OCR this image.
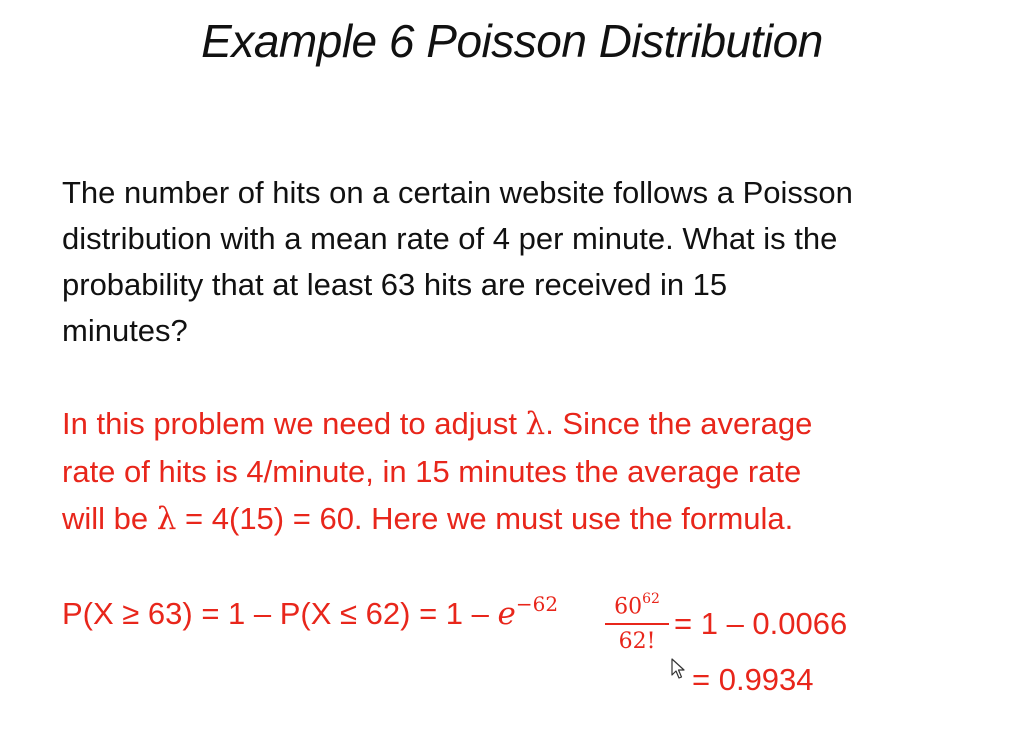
Example 6 Poisson Distribution

The number of hits on a certain website follows a Poisson

distribution with a mean rate of 4 per minute. What is the

probability that at least 63 hits are received in 15

minutes?

In this problem we need to adjust λ. Since the average

rate of hits is 4/minute, in 15 minutes the average rate

will be λ = 4(15) = 60. Here we must use the formula.

$P(X \ge 63) = 1 - P(X \le 62) = 1 - e^{-62}$	$60^{62}$
62!
= 1 – 0.0066
= 0.9934
